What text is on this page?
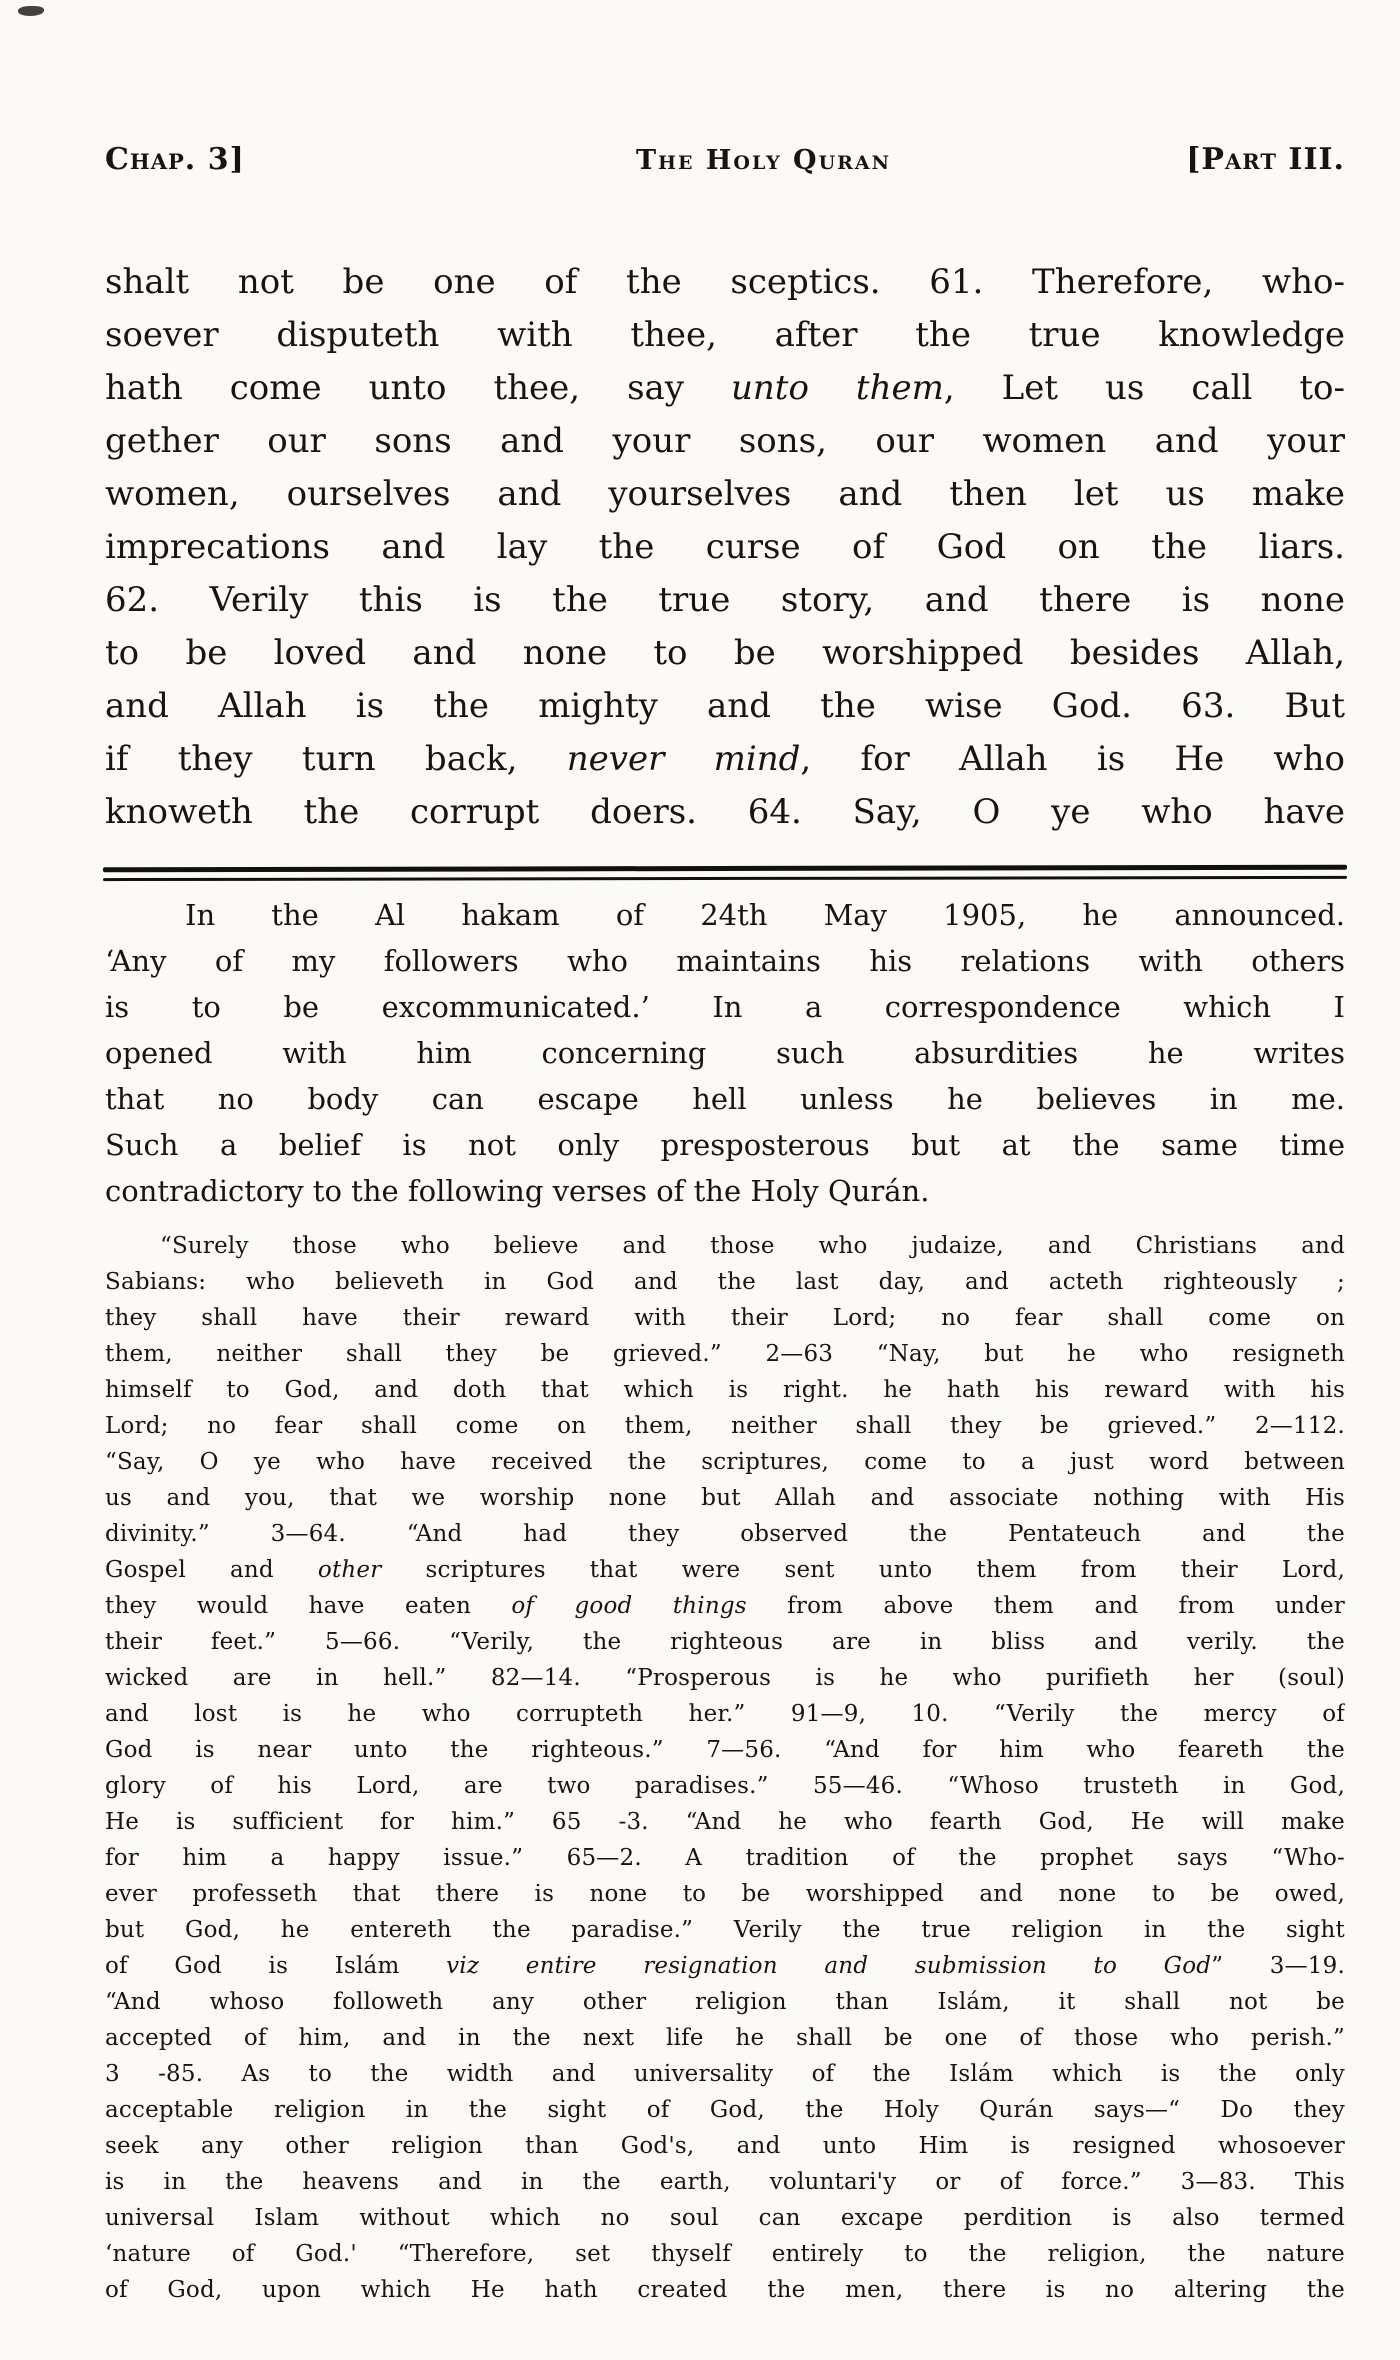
Chap. 3]	The Holy Quran	[Part III.
shalt not be one of the sceptics. 61. Therefore, who-
soever disputeth with thee, after the true knowledge
hath come unto thee, say unto them, Let us call to-
gether our sons and your sons, our women and your
women, ourselves and yourselves and then let us make
imprecations and lay the curse of God on the liars.
62. Verily this is the true story, and there is none
to be loved and none to be worshipped besides Allah,
and Allah is the mighty and the wise God. 63. But
if they turn back, never mind, for Allah is He who
knoweth the corrupt doers. 64. Say, O ye who have
In the Al hakam of 24th May 1905, he announced.
‘Any of my followers who maintains his relations with others
is to be excommunicated.’ In a correspondence which I
opened with him concerning such absurdities he writes
that no body can escape hell unless he believes in me.
Such a belief is not only presposterous but at the same time
contradictory to the following verses of the Holy Qurán.
“Surely those who believe and those who judaize, and Christians and
Sabians: who believeth in God and the last day, and acteth righteously ;
they shall have their reward with their Lord; no fear shall come on
them, neither shall they be grieved.” 2—63 “Nay, but he who resigneth
himself to God, and doth that which is right. he hath his reward with his
Lord; no fear shall come on them, neither shall they be grieved.” 2—112.
“Say, O ye who have received the scriptures, come to a just word between
us and you, that we worship none but Allah and associate nothing with His
divinity.” 3—64. “And had they observed the Pentateuch and the
Gospel and other scriptures that were sent unto them from their Lord,
they would have eaten of good things from above them and from under
their feet.” 5—66. “Verily, the righteous are in bliss and verily. the
wicked are in hell.” 82—14. “Prosperous is he who purifieth her (soul)
and lost is he who corrupteth her.” 91—9, 10. “Verily the mercy of
God is near unto the righteous.” 7—56. “And for him who feareth the
glory of his Lord, are two paradises.” 55—46. “Whoso trusteth in God,
He is sufficient for him.” 65 -3. “And he who fearth God, He will make
for him a happy issue.” 65—2. A tradition of the prophet says “Who-
ever professeth that there is none to be worshipped and none to be owed,
but God, he entereth the paradise.” Verily the true religion in the sight
of God is Islám viz entire resignation and submission to God” 3—19.
“And whoso followeth any other religion than Islám, it shall not be
accepted of him, and in the next life he shall be one of those who perish.”
3 -85. As to the width and universality of the Islám which is the only
acceptable religion in the sight of God, the Holy Qurán says—“ Do they
seek any other religion than God's, and unto Him is resigned whosoever
is in the heavens and in the earth, voluntari'y or of force.” 3—83. This
universal Islam without which no soul can excape perdition is also termed
‘nature of God.' “Therefore, set thyself entirely to the religion, the nature
of God, upon which He hath created the men, there is no altering the
